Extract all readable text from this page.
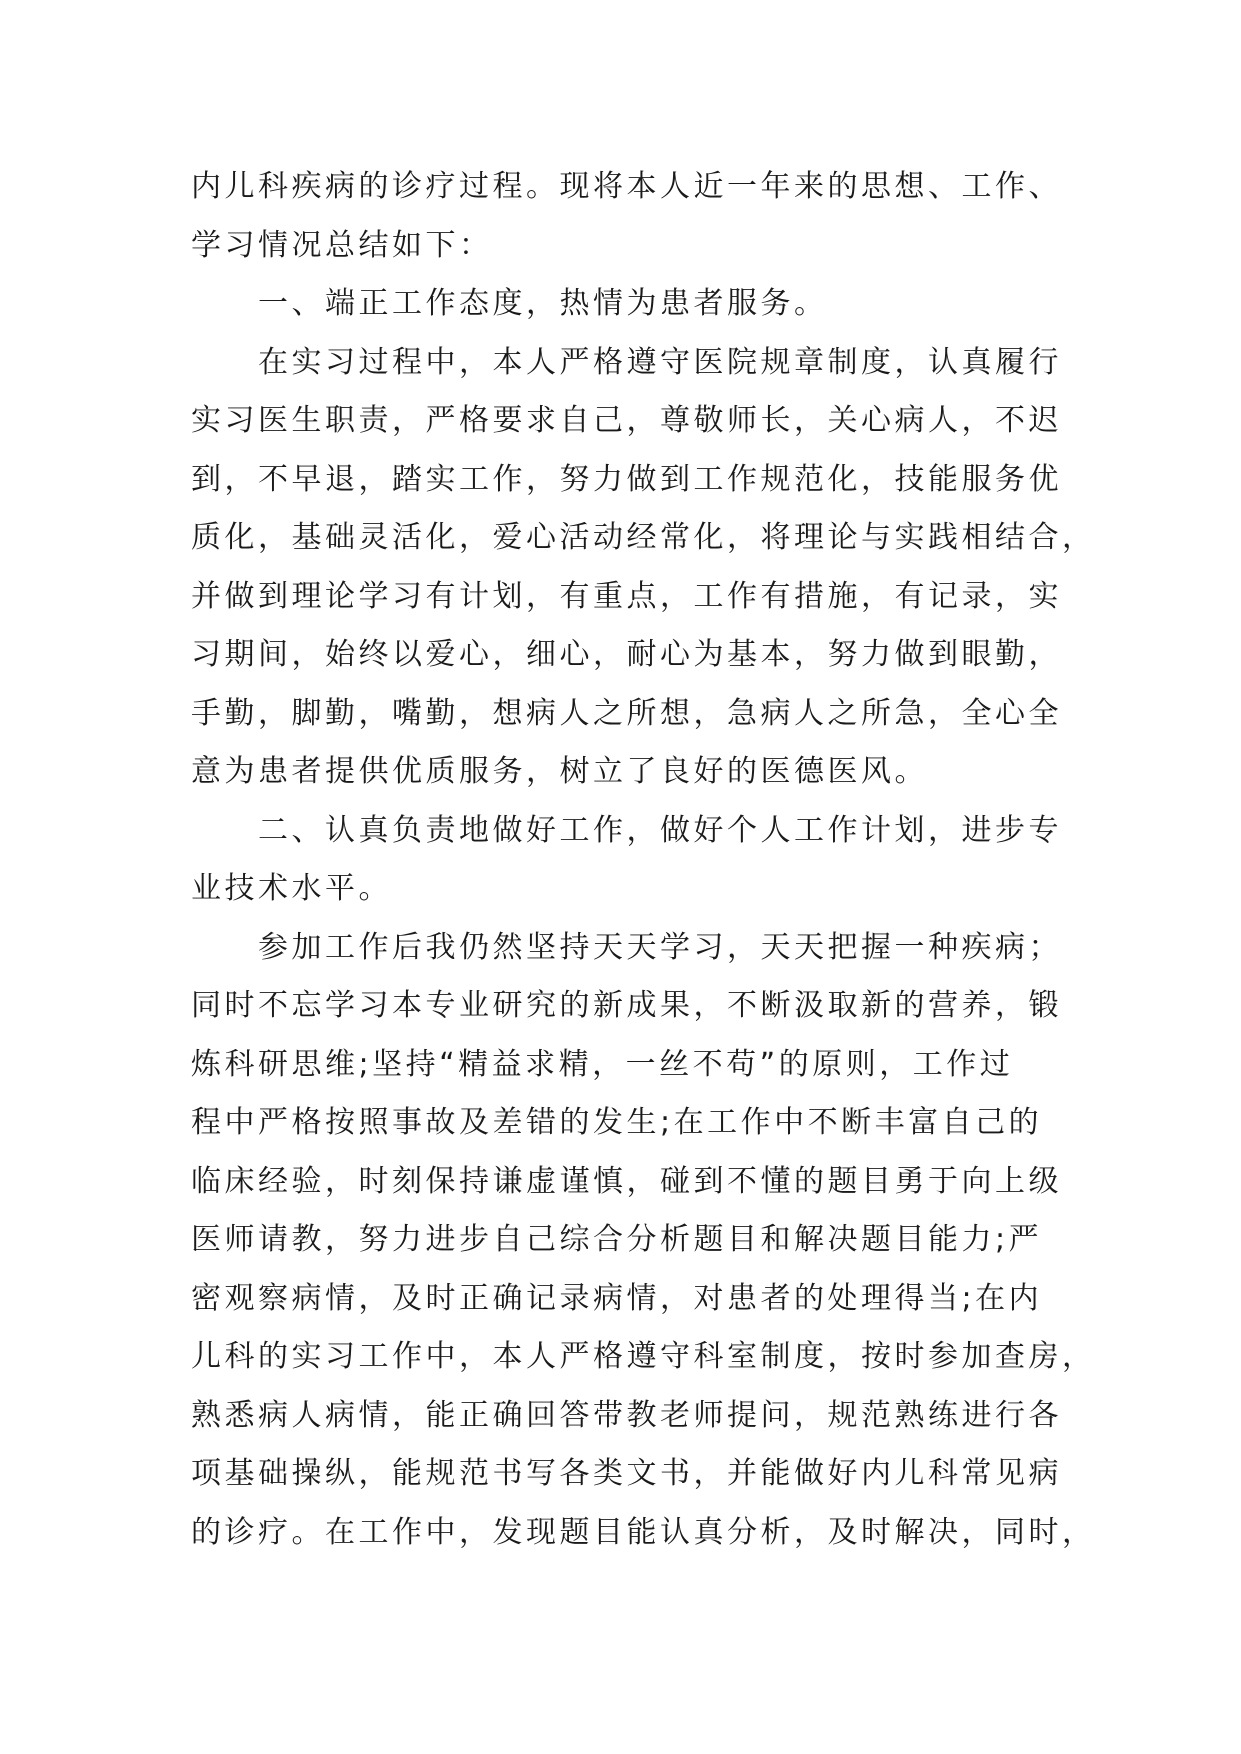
内儿科疾病的诊疗过程。现将本人近一年来的思想、工作、
学习情况总结如下：
一、端正工作态度，热情为患者服务。
在实习过程中，本人严格遵守医院规章制度，认真履行
实习医生职责，严格要求自己，尊敬师长，关心病人，不迟
到，不早退，踏实工作，努力做到工作规范化，技能服务优
质化，基础灵活化，爱心活动经常化，将理论与实践相结合，
并做到理论学习有计划，有重点，工作有措施，有记录，实
习期间，始终以爱心，细心，耐心为基本，努力做到眼勤，
手勤，脚勤，嘴勤，想病人之所想，急病人之所急，全心全
意为患者提供优质服务，树立了良好的医德医风。
二、认真负责地做好工作，做好个人工作计划，进步专
业技术水平。
参加工作后我仍然坚持天天学习，天天把握一种疾病；
同时不忘学习本专业研究的新成果，不断汲取新的营养，锻
炼科研思维;坚持“精益求精，一丝不苟”的原则，工作过
程中严格按照事故及差错的发生;在工作中不断丰富自己的
临床经验，时刻保持谦虚谨慎，碰到不懂的题目勇于向上级
医师请教，努力进步自己综合分析题目和解决题目能力;严
密观察病情，及时正确记录病情，对患者的处理得当;在内
儿科的实习工作中，本人严格遵守科室制度，按时参加查房，
熟悉病人病情，能正确回答带教老师提问，规范熟练进行各
项基础操纵，能规范书写各类文书，并能做好内儿科常见病
的诊疗。在工作中，发现题目能认真分析，及时解决，同时，
